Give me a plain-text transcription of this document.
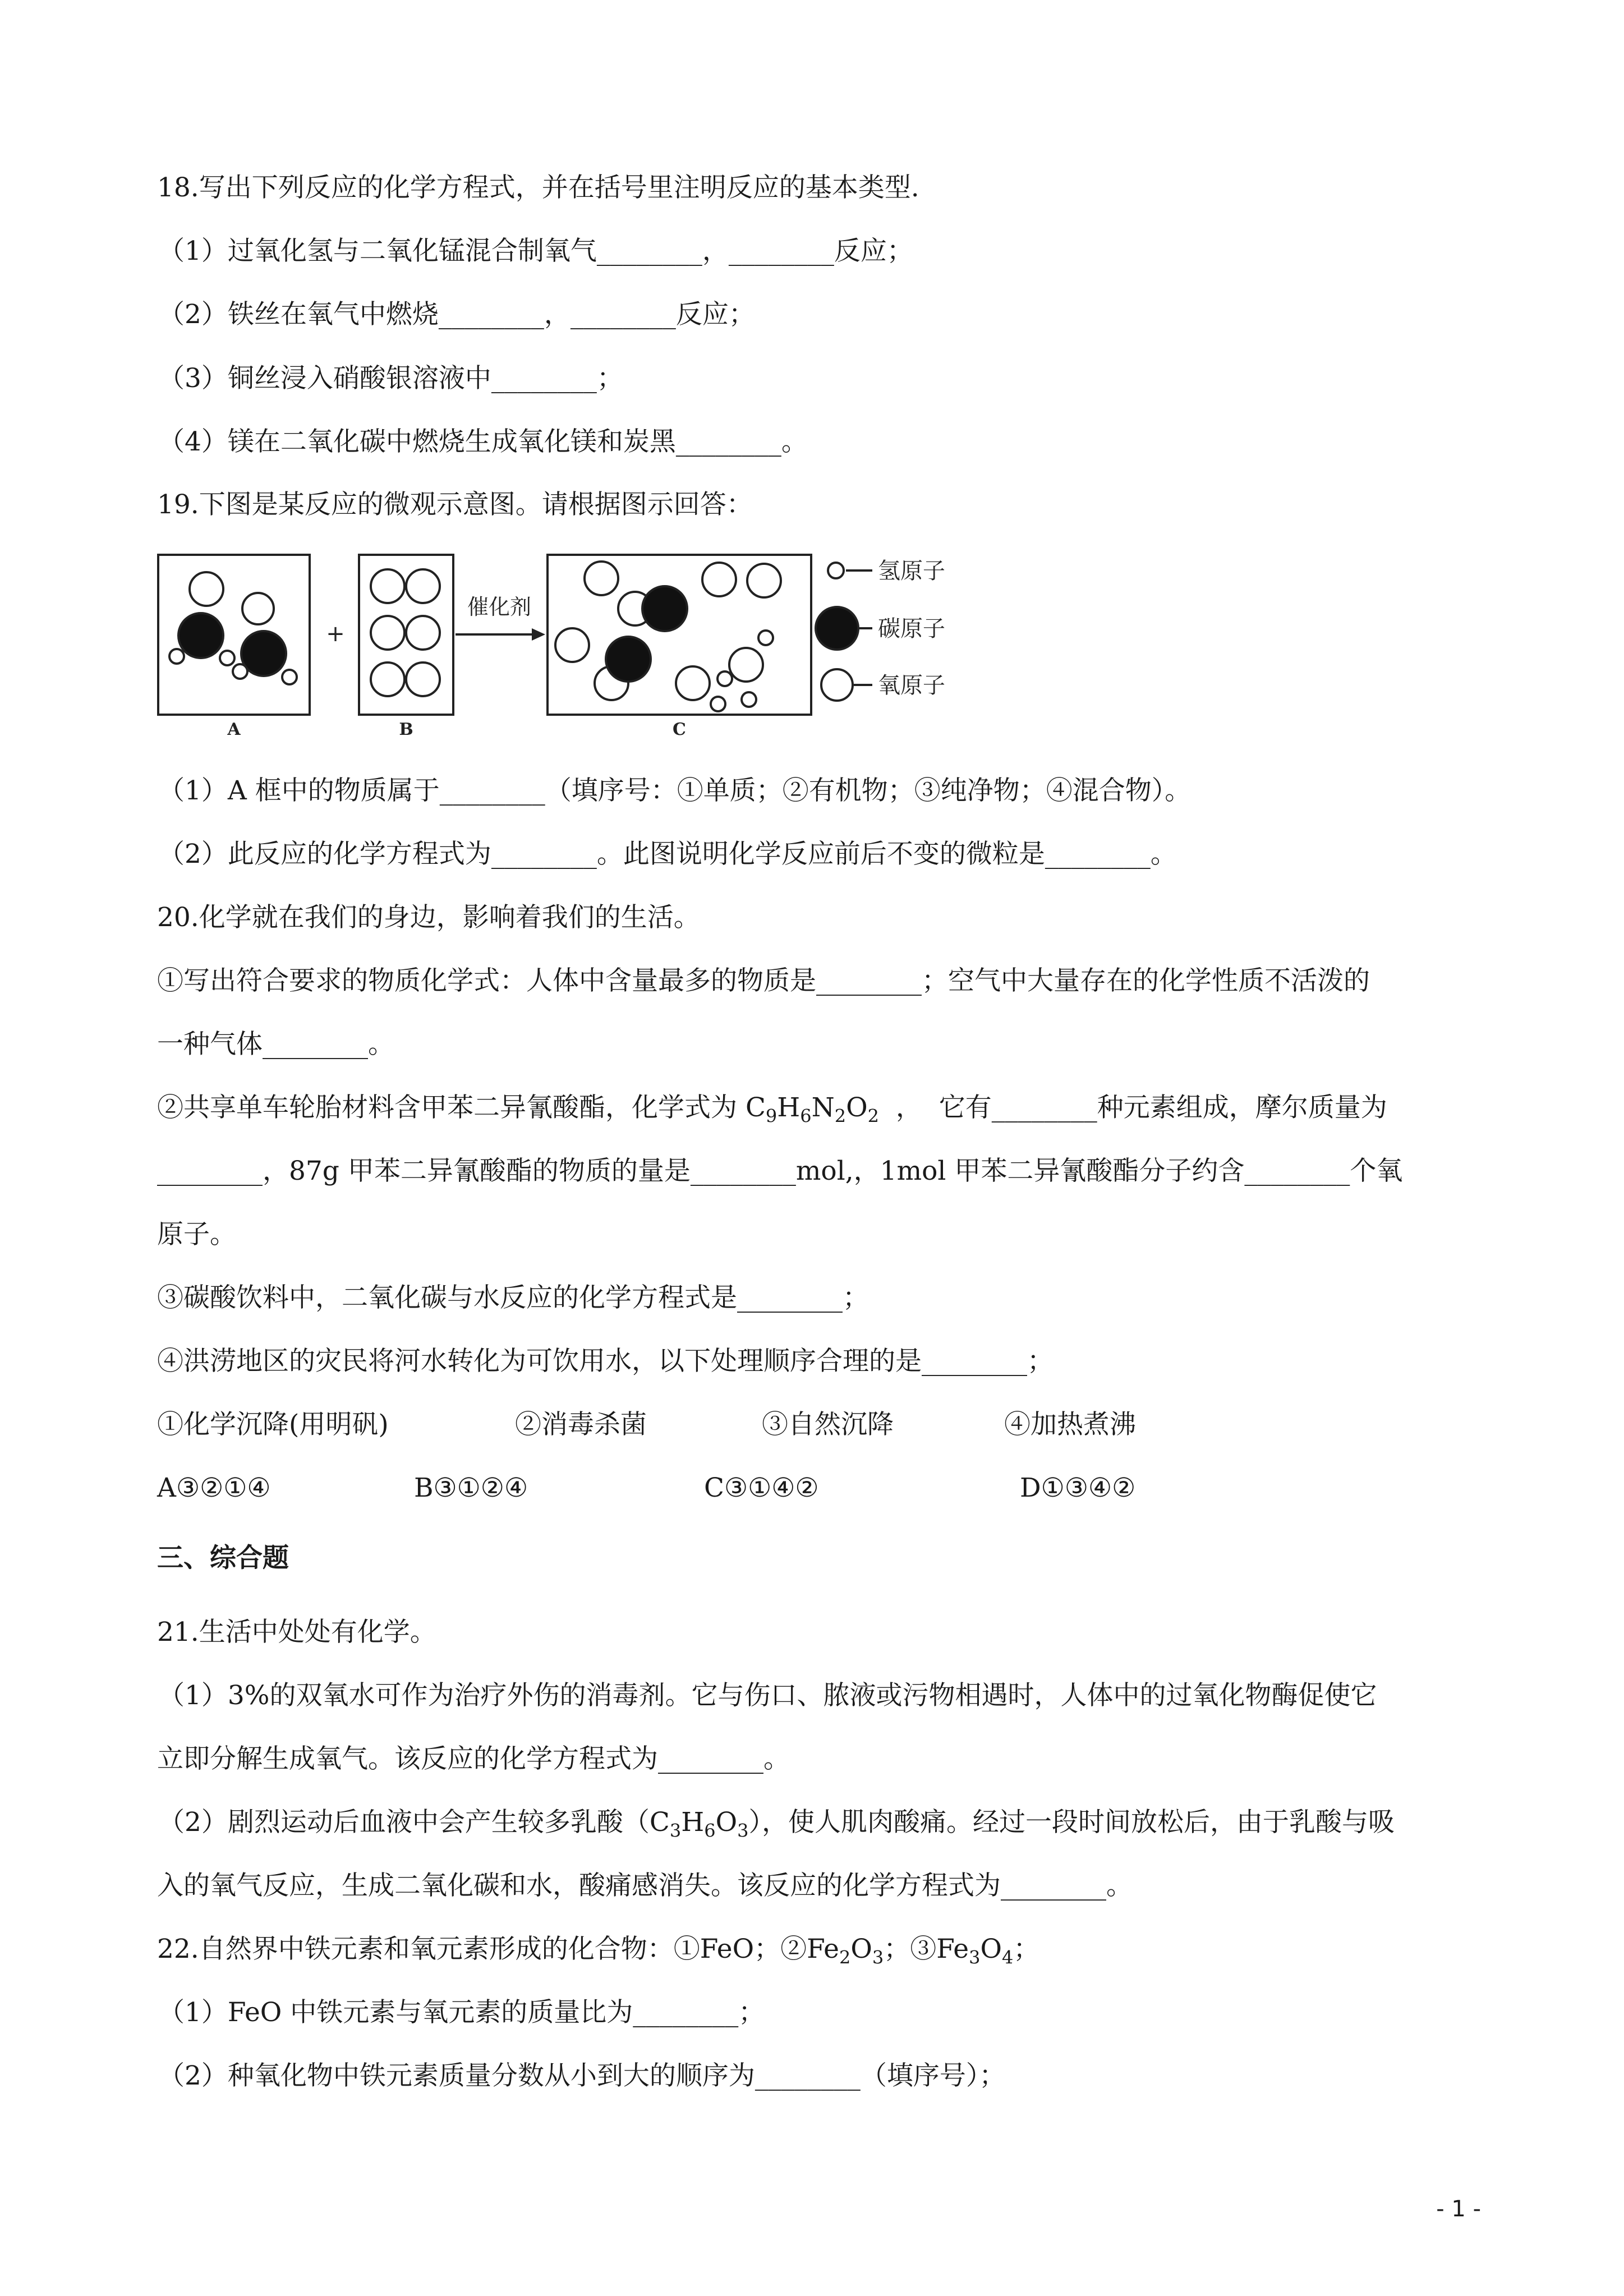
18.写出下列反应的化学方程式，并在括号里注明反应的基本类型.
（1）过氧化氢与二氧化锰混合制氧气________，________反应；
（2）铁丝在氧气中燃烧________，________反应；
（3）铜丝浸入硝酸银溶液中________；
（4）镁在二氧化碳中燃烧生成氧化镁和炭黑________。
19.下图是某反应的微观示意图。请根据图示回答：
+
催化剂
A	B	C
氢原子
碳原子
氧原子
（1）A 框中的物质属于________（填序号：①单质；②有机物；③纯净物；④混合物）。
（2）此反应的化学方程式为________。此图说明化学反应前后不变的微粒是________。
20.化学就在我们的身边，影响着我们的生活。
①写出符合要求的物质化学式：人体中含量最多的物质是________；空气中大量存在的化学性质不活泼的
一种气体________。
②共享单车轮胎材料含甲苯二异氰酸酯，化学式为 $C_9H_6N_2O_2$  ，  它有________种元素组成，摩尔质量为
________，87g 甲苯二异氰酸酯的物质的量是________mol,，1mol 甲苯二异氰酸酯分子约含________个氧
原子。
③碳酸饮料中，二氧化碳与水反应的化学方程式是________；
④洪涝地区的灾民将河水转化为可饮用水，以下处理顺序合理的是________；
①化学沉降(用明矾)	②消毒杀菌	③自然沉降	④加热煮沸
A③②①④	B③①②④	C③①④②	D①③④②
三、综合题
21.生活中处处有化学。
（1）3%的双氧水可作为治疗外伤的消毒剂。它与伤口、脓液或污物相遇时，人体中的过氧化物酶促使它
立即分解生成氧气。该反应的化学方程式为________。
（2）剧烈运动后血液中会产生较多乳酸$(C_3H_6O_3)$，使人肌肉酸痛。经过一段时间放松后，由于乳酸与吸
入的氧气反应，生成二氧化碳和水，酸痛感消失。该反应的化学方程式为________。
22.自然界中铁元素和氧元素形成的化合物：①FeO；$②Fe_2O_3$；$③Fe_3O_4$；
（1）FeO 中铁元素与氧元素的质量比为________；
（2）种氧化物中铁元素质量分数从小到大的顺序为________（填序号）；
- 1 -
